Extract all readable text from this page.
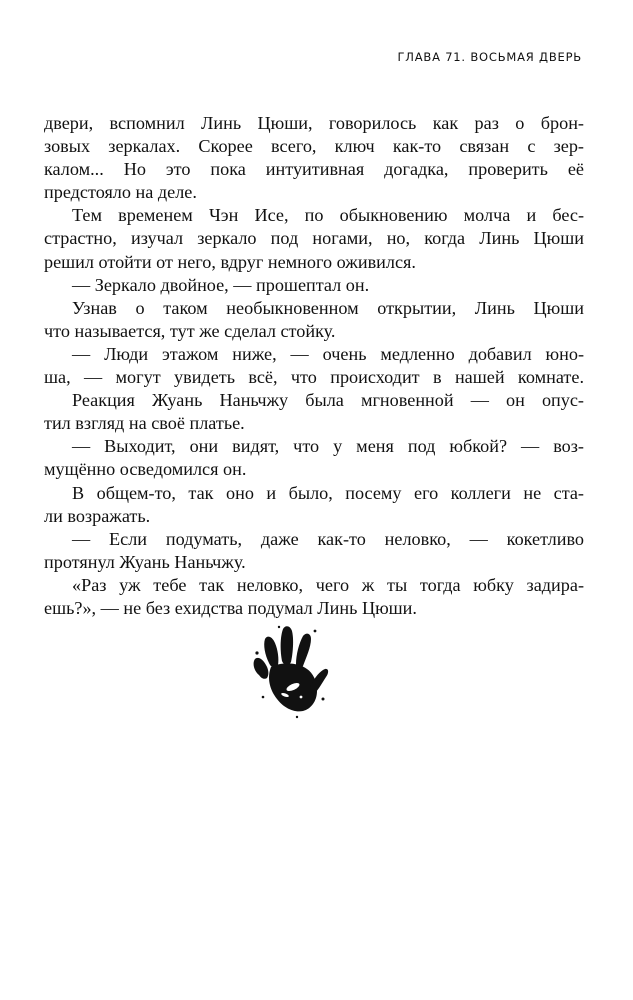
ГЛАВА 71. ВОСЬМАЯ ДВЕРЬ
двери, вспомнил Линь Цюши, говорилось как раз о брон-
зовых зеркалах. Скорее всего, ключ как-то связан с зер-
калом... Но это пока интуитивная догадка, проверить её
предстояло на деле.
Тем временем Чэн Исе, по обыкновению молча и бес-
страстно, изучал зеркало под ногами, но, когда Линь Цюши
решил отойти от него, вдруг немного оживился.
— Зеркало двойное, — прошептал он.
Узнав о таком необыкновенном открытии, Линь Цюши
что называется, тут же сделал стойку.
— Люди этажом ниже, — очень медленно добавил юно-
ша, — могут увидеть всё, что происходит в нашей комнате.
Реакция Жуань Наньчжу была мгновенной — он опус-
тил взгляд на своё платье.
— Выходит, они видят, что у меня под юбкой? — воз-
мущённо осведомился он.
В общем-то, так оно и было, посему его коллеги не ста-
ли возражать.
— Если подумать, даже как-то неловко, — кокетливо
протянул Жуань Наньчжу.
«Раз уж тебе так неловко, чего ж ты тогда юбку задира-
ешь?», — не без ехидства подумал Линь Цюши.
